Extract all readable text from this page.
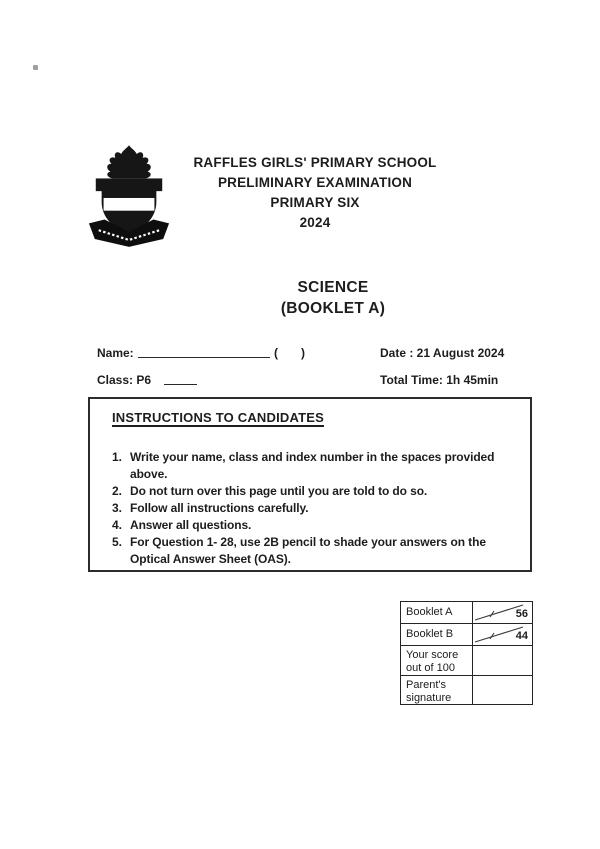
RAFFLES GIRLS' PRIMARY SCHOOL
PRELIMINARY EXAMINATION
PRIMARY SIX
2024
SCIENCE
(BOOKLET A)
Name:	( )	Date : 21 August 2024
Class: P6	Total Time: 1h 45min
INSTRUCTIONS TO CANDIDATES
1. Write your name, class and index number in the spaces provided above.
2. Do not turn over this page until you are told to do so.
3. Follow all instructions carefully.
4. Answer all questions.
5. For Question 1- 28, use 2B pencil to shade your answers on the Optical Answer Sheet (OAS).
Booklet A	56
Booklet B	44
Your score out of 100
Parent's signature
